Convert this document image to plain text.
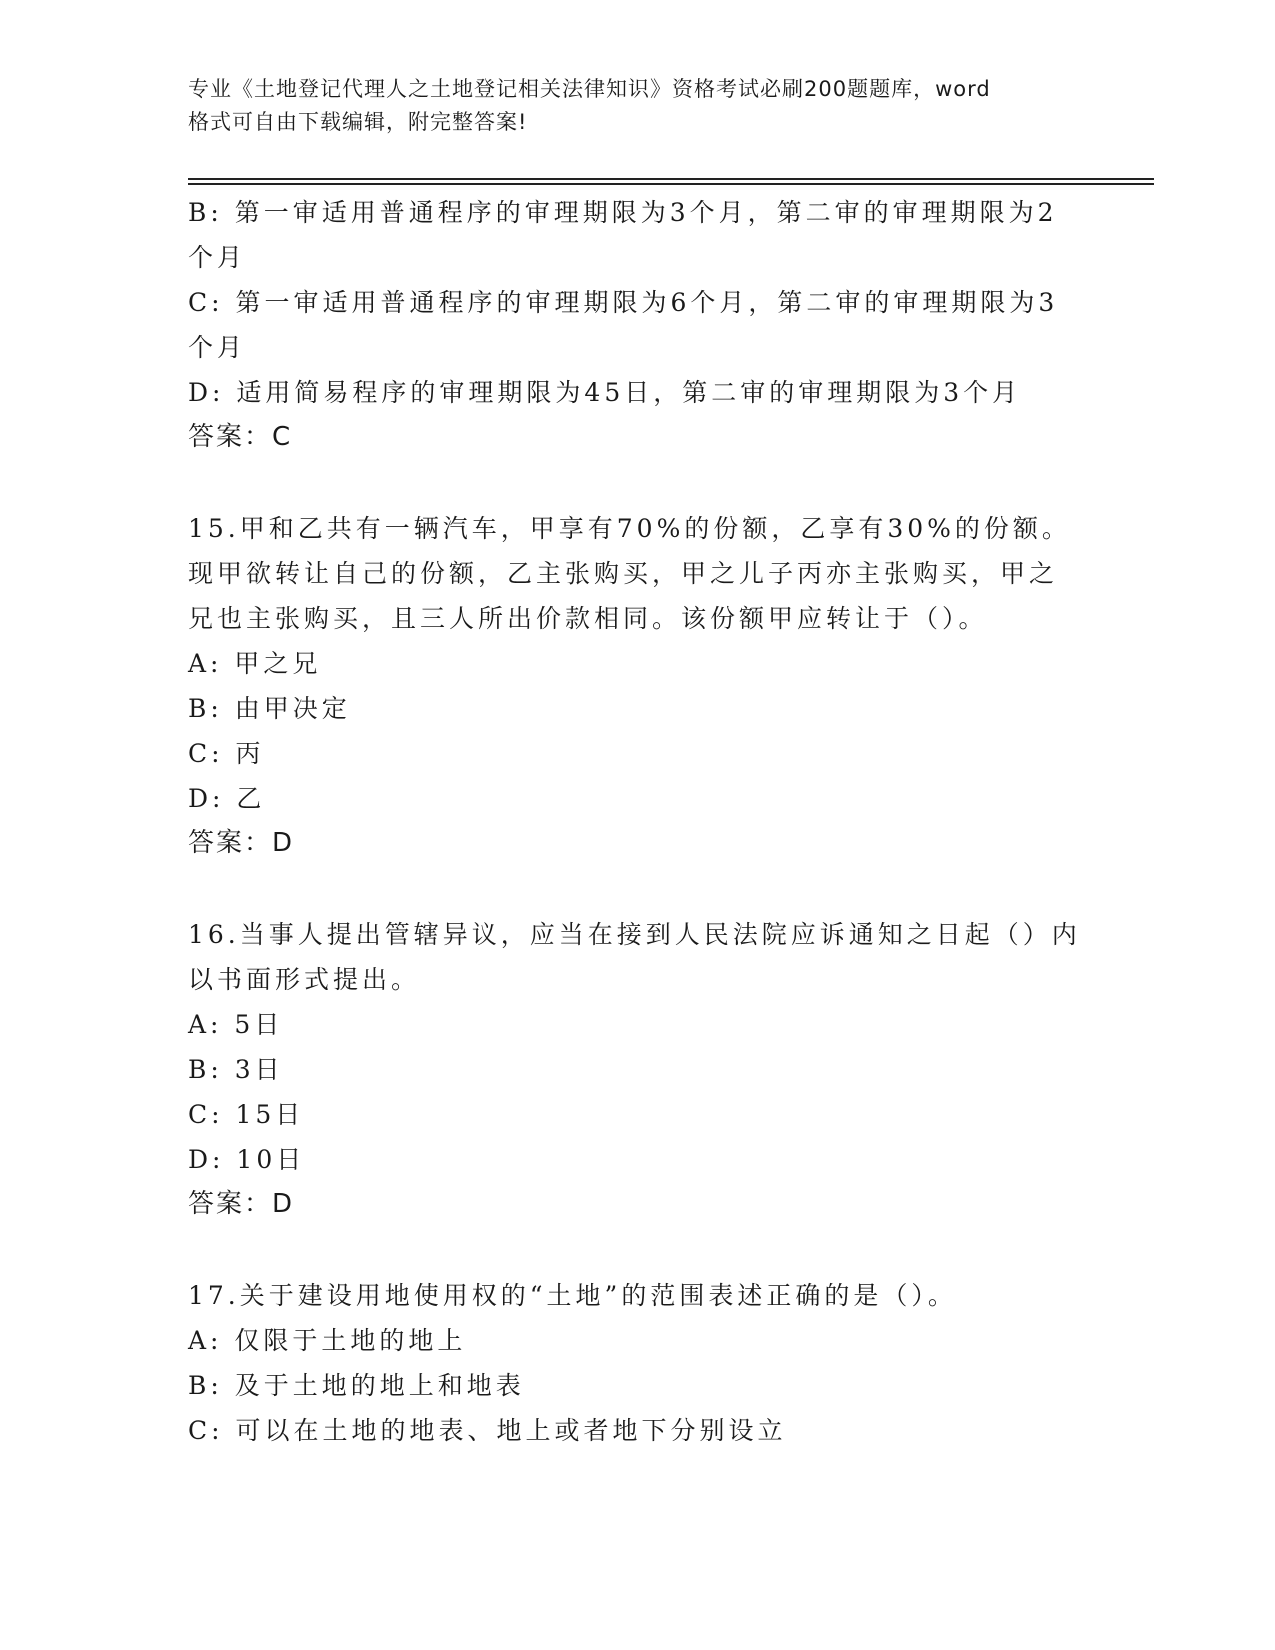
专业《土地登记代理人之土地登记相关法律知识》资格考试必刷200题题库，word
格式可自由下载编辑，附完整答案!
B: 第一审适用普通程序的审理期限为3个月，第二审的审理期限为2
个月
C: 第一审适用普通程序的审理期限为6个月，第二审的审理期限为3
个月
D: 适用简易程序的审理期限为45日，第二审的审理期限为3个月
答案：C
15.甲和乙共有一辆汽车，甲享有70%的份额，乙享有30%的份额。
现甲欲转让自己的份额，乙主张购买，甲之儿子丙亦主张购买，甲之
兄也主张购买，且三人所出价款相同。该份额甲应转让于（）。
A: 甲之兄
B: 由甲决定
C: 丙
D: 乙
答案：D
16.当事人提出管辖异议，应当在接到人民法院应诉通知之日起（）内
以书面形式提出。
A: 5日
B: 3日
C: 15日
D: 10日
答案：D
17.关于建设用地使用权的“土地”的范围表述正确的是（）。
A: 仅限于土地的地上
B: 及于土地的地上和地表
C: 可以在土地的地表、地上或者地下分别设立
